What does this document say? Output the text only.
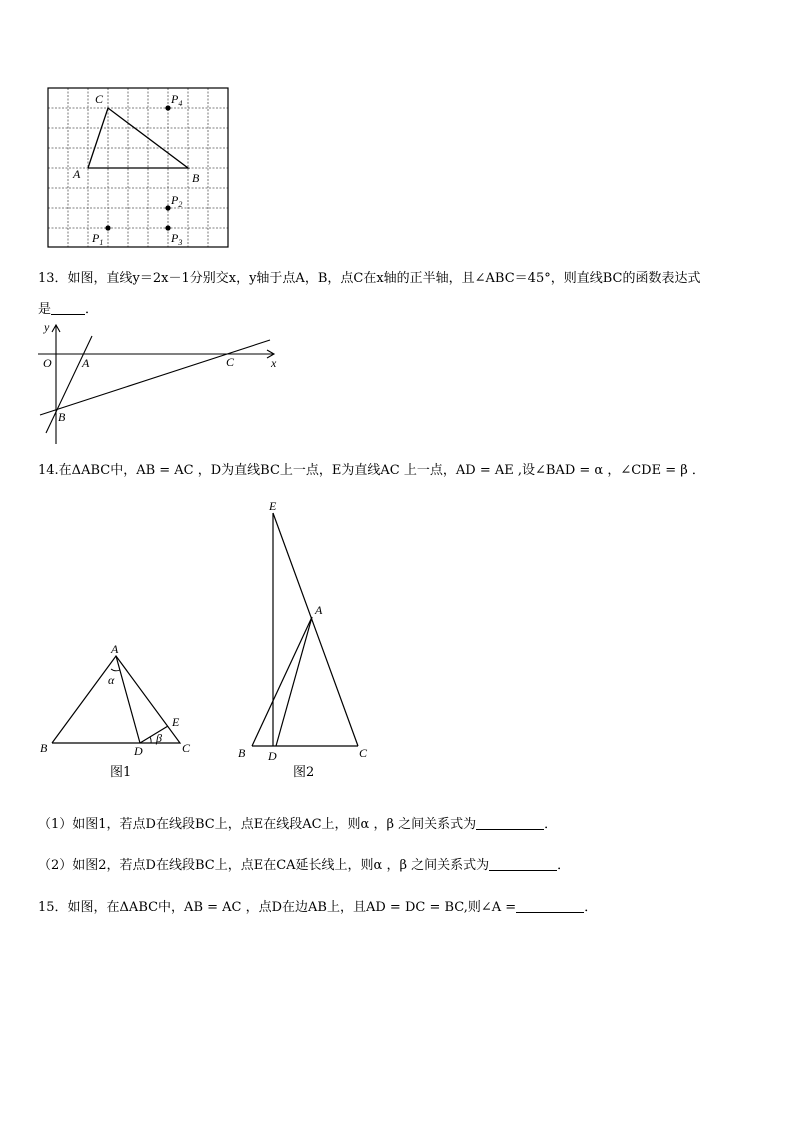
C
A	B
$P_4$
$P_2$
$P_1$	$P_3$
13．如图，直线y＝2x－1分别交x，y轴于点A，B，点C在x轴的正半轴，且∠ABC＝45°，则直线BC的函数表达式
是	．
y
O	A	C	x
B
14.在ΔABC中，AB = AC ，D为直线BC上一点，E为直线AC 上一点，AD = AE ,设∠BAD = α ，∠CDE = β ．
A
α
E
β
B	D	C
图1
E
A
B D	C
图2
（1）如图1，若点D在线段BC上，点E在线段AC上，则α ，β 之间关系式为	．
（2）如图2，若点D在线段BC上，点E在CA延长线上，则α ，β 之间关系式为	．
15．如图，在ΔABC中，AB = AC ，点D在边AB上，且AD = DC = BC,则∠A =	．
